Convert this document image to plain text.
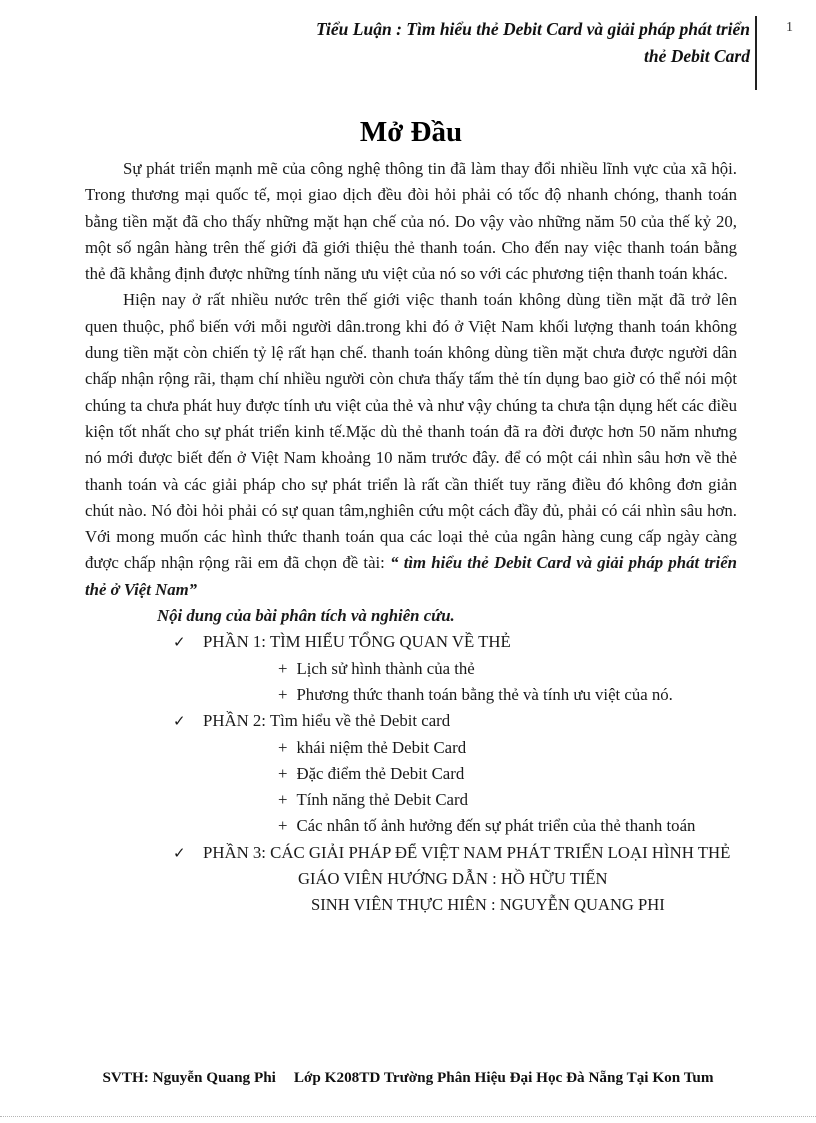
Tiểu Luận : Tìm hiểu thẻ Debit Card và giải pháp phát triển
thẻ Debit Card
1
Mở Đầu

Sự phát triển mạnh mẽ của công nghệ thông tin đã làm thay đổi nhiều lĩnh vực của xã hội. Trong thương mại quốc tế, mọi giao dịch đều đòi hỏi phải có tốc độ nhanh chóng, thanh toán bằng tiền mặt đã cho thấy những mặt hạn chế của nó. Do vậy vào những năm 50 của thế kỷ 20, một số ngân hàng trên thế giới đã giới thiệu thẻ thanh toán. Cho đến nay việc thanh toán bằng thẻ đã khẳng định được những tính năng ưu việt của nó so với các phương tiện thanh toán khác.

Hiện nay ở rất nhiều nước trên thế giới việc thanh toán không dùng tiền mặt đã trở lên quen thuộc, phổ biến với mỗi người dân.trong khi đó ở Việt Nam khối lượng thanh toán không dung tiền mặt còn chiến tỷ lệ rất hạn chế. thanh toán không dùng tiền mặt chưa được người dân chấp nhận rộng rãi, thạm chí nhiều người còn chưa thấy tấm thẻ tín dụng bao giờ có thể nói một chúng ta chưa phát huy được tính ưu việt của thẻ và như vậy chúng ta chưa tận dụng hết các điều kiện tốt nhất cho sự phát triển kinh tế.Mặc dù thẻ thanh toán đã ra đời được hơn 50 năm nhưng nó mới được biết đến ở Việt Nam khoảng 10 năm trước đây. để có một cái nhìn sâu hơn về thẻ thanh toán và các giải pháp cho sự phát triển là rất cần thiết tuy răng điều đó không đơn giản chút nào. Nó đòi hỏi phải có sự quan tâm,nghiên cứu một cách đầy đủ, phải có cái nhìn sâu hơn. Với mong muốn các hình thức thanh toán qua các loại thẻ của ngân hàng cung cấp ngày càng được chấp nhận rộng rãi em đã chọn đề tài: “ tìm hiểu thẻ Debit Card và giải pháp phát triển thẻ ở Việt Nam”

Nội dung của bài phân tích và nghiên cứu.

✓	PHẦN 1: TÌM HIỂU TỔNG QUAN VỀ THẺ
+ Lịch sử hình thành của thẻ
+ Phương thức thanh toán bằng thẻ và tính ưu việt của nó.
✓	PHẦN 2: Tìm hiểu về thẻ Debit card
+ khái niệm thẻ Debit Card
+ Đặc điểm thẻ Debit Card
+ Tính năng thẻ Debit Card
+ Các nhân tố ảnh hưởng đến sự phát triển của thẻ thanh toán
✓	PHẦN 3: CÁC GIẢI PHÁP ĐỂ VIỆT NAM PHÁT TRIỂN LOẠI HÌNH THẺ
GIÁO VIÊN HƯỚNG DẪN : HỒ HỮU TIẾN
SINH VIÊN THỰC HIÊN : NGUYỄN QUANG PHI
SVTH: Nguyễn Quang Phi Lớp K208TD Trường Phân Hiệu Đại Học Đà Nẵng Tại Kon Tum
